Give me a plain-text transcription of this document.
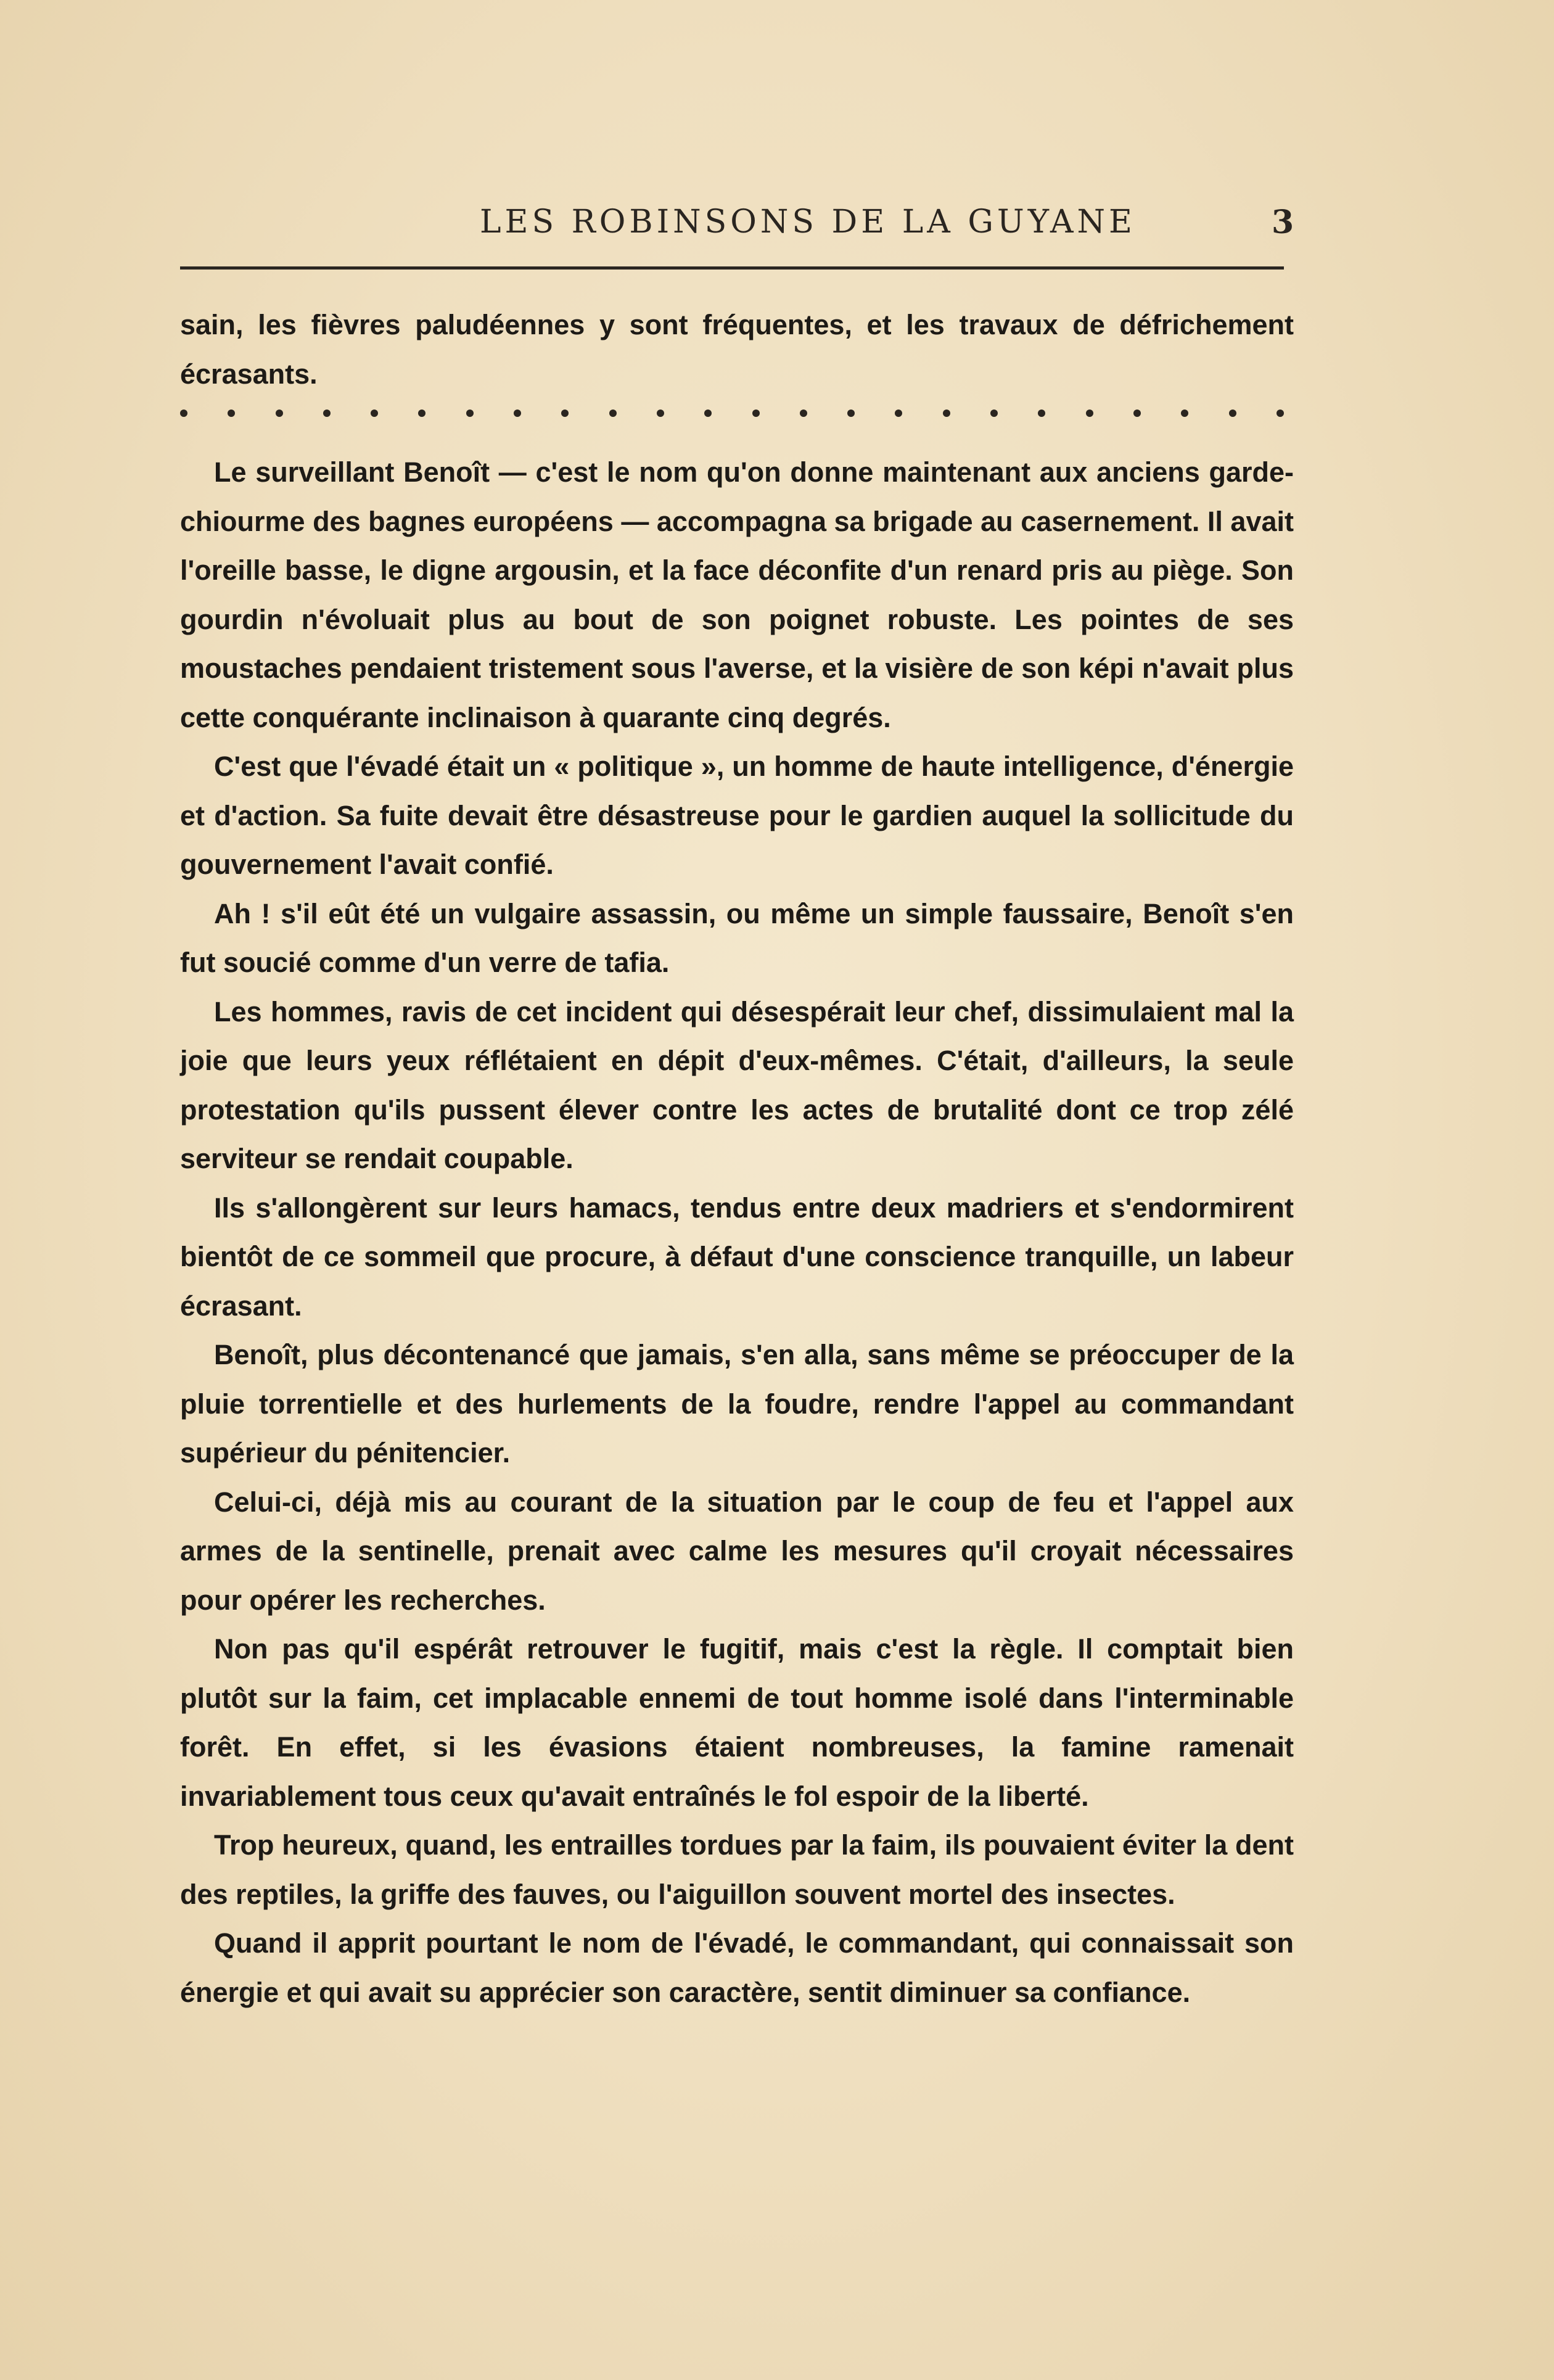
LES ROBINSONS DE LA GUYANE	3

sain, les fièvres paludéennes y sont fréquentes, et les travaux de défrichement écrasants.

Le surveillant Benoît — c'est le nom qu'on donne maintenant aux anciens garde-chiourme des bagnes européens — accompagna sa brigade au casernement. Il avait l'oreille basse, le digne argousin, et la face déconfite d'un renard pris au piège. Son gourdin n'évoluait plus au bout de son poignet robuste. Les pointes de ses moustaches pendaient tristement sous l'averse, et la visière de son képi n'avait plus cette conquérante inclinaison à quarante cinq degrés.

C'est que l'évadé était un « politique », un homme de haute intelligence, d'énergie et d'action. Sa fuite devait être désastreuse pour le gardien auquel la sollicitude du gouvernement l'avait confié.

Ah ! s'il eût été un vulgaire assassin, ou même un simple faussaire, Benoît s'en fut soucié comme d'un verre de tafia.

Les hommes, ravis de cet incident qui désespérait leur chef, dissimulaient mal la joie que leurs yeux réflétaient en dépit d'eux-mêmes. C'était, d'ailleurs, la seule protestation qu'ils pussent élever contre les actes de brutalité dont ce trop zélé serviteur se rendait coupable.

Ils s'allongèrent sur leurs hamacs, tendus entre deux madriers et s'endormirent bientôt de ce sommeil que procure, à défaut d'une conscience tranquille, un labeur écrasant.

Benoît, plus décontenancé que jamais, s'en alla, sans même se préoccuper de la pluie torrentielle et des hurlements de la foudre, rendre l'appel au commandant supérieur du pénitencier.

Celui-ci, déjà mis au courant de la situation par le coup de feu et l'appel aux armes de la sentinelle, prenait avec calme les mesures qu'il croyait nécessaires pour opérer les recherches.

Non pas qu'il espérât retrouver le fugitif, mais c'est la règle. Il comptait bien plutôt sur la faim, cet implacable ennemi de tout homme isolé dans l'interminable forêt. En effet, si les évasions étaient nombreuses, la famine ramenait invariablement tous ceux qu'avait entraînés le fol espoir de la liberté.

Trop heureux, quand, les entrailles tordues par la faim, ils pouvaient éviter la dent des reptiles, la griffe des fauves, ou l'aiguillon souvent mortel des insectes.

Quand il apprit pourtant le nom de l'évadé, le commandant, qui connaissait son énergie et qui avait su apprécier son caractère, sentit diminuer sa confiance.
